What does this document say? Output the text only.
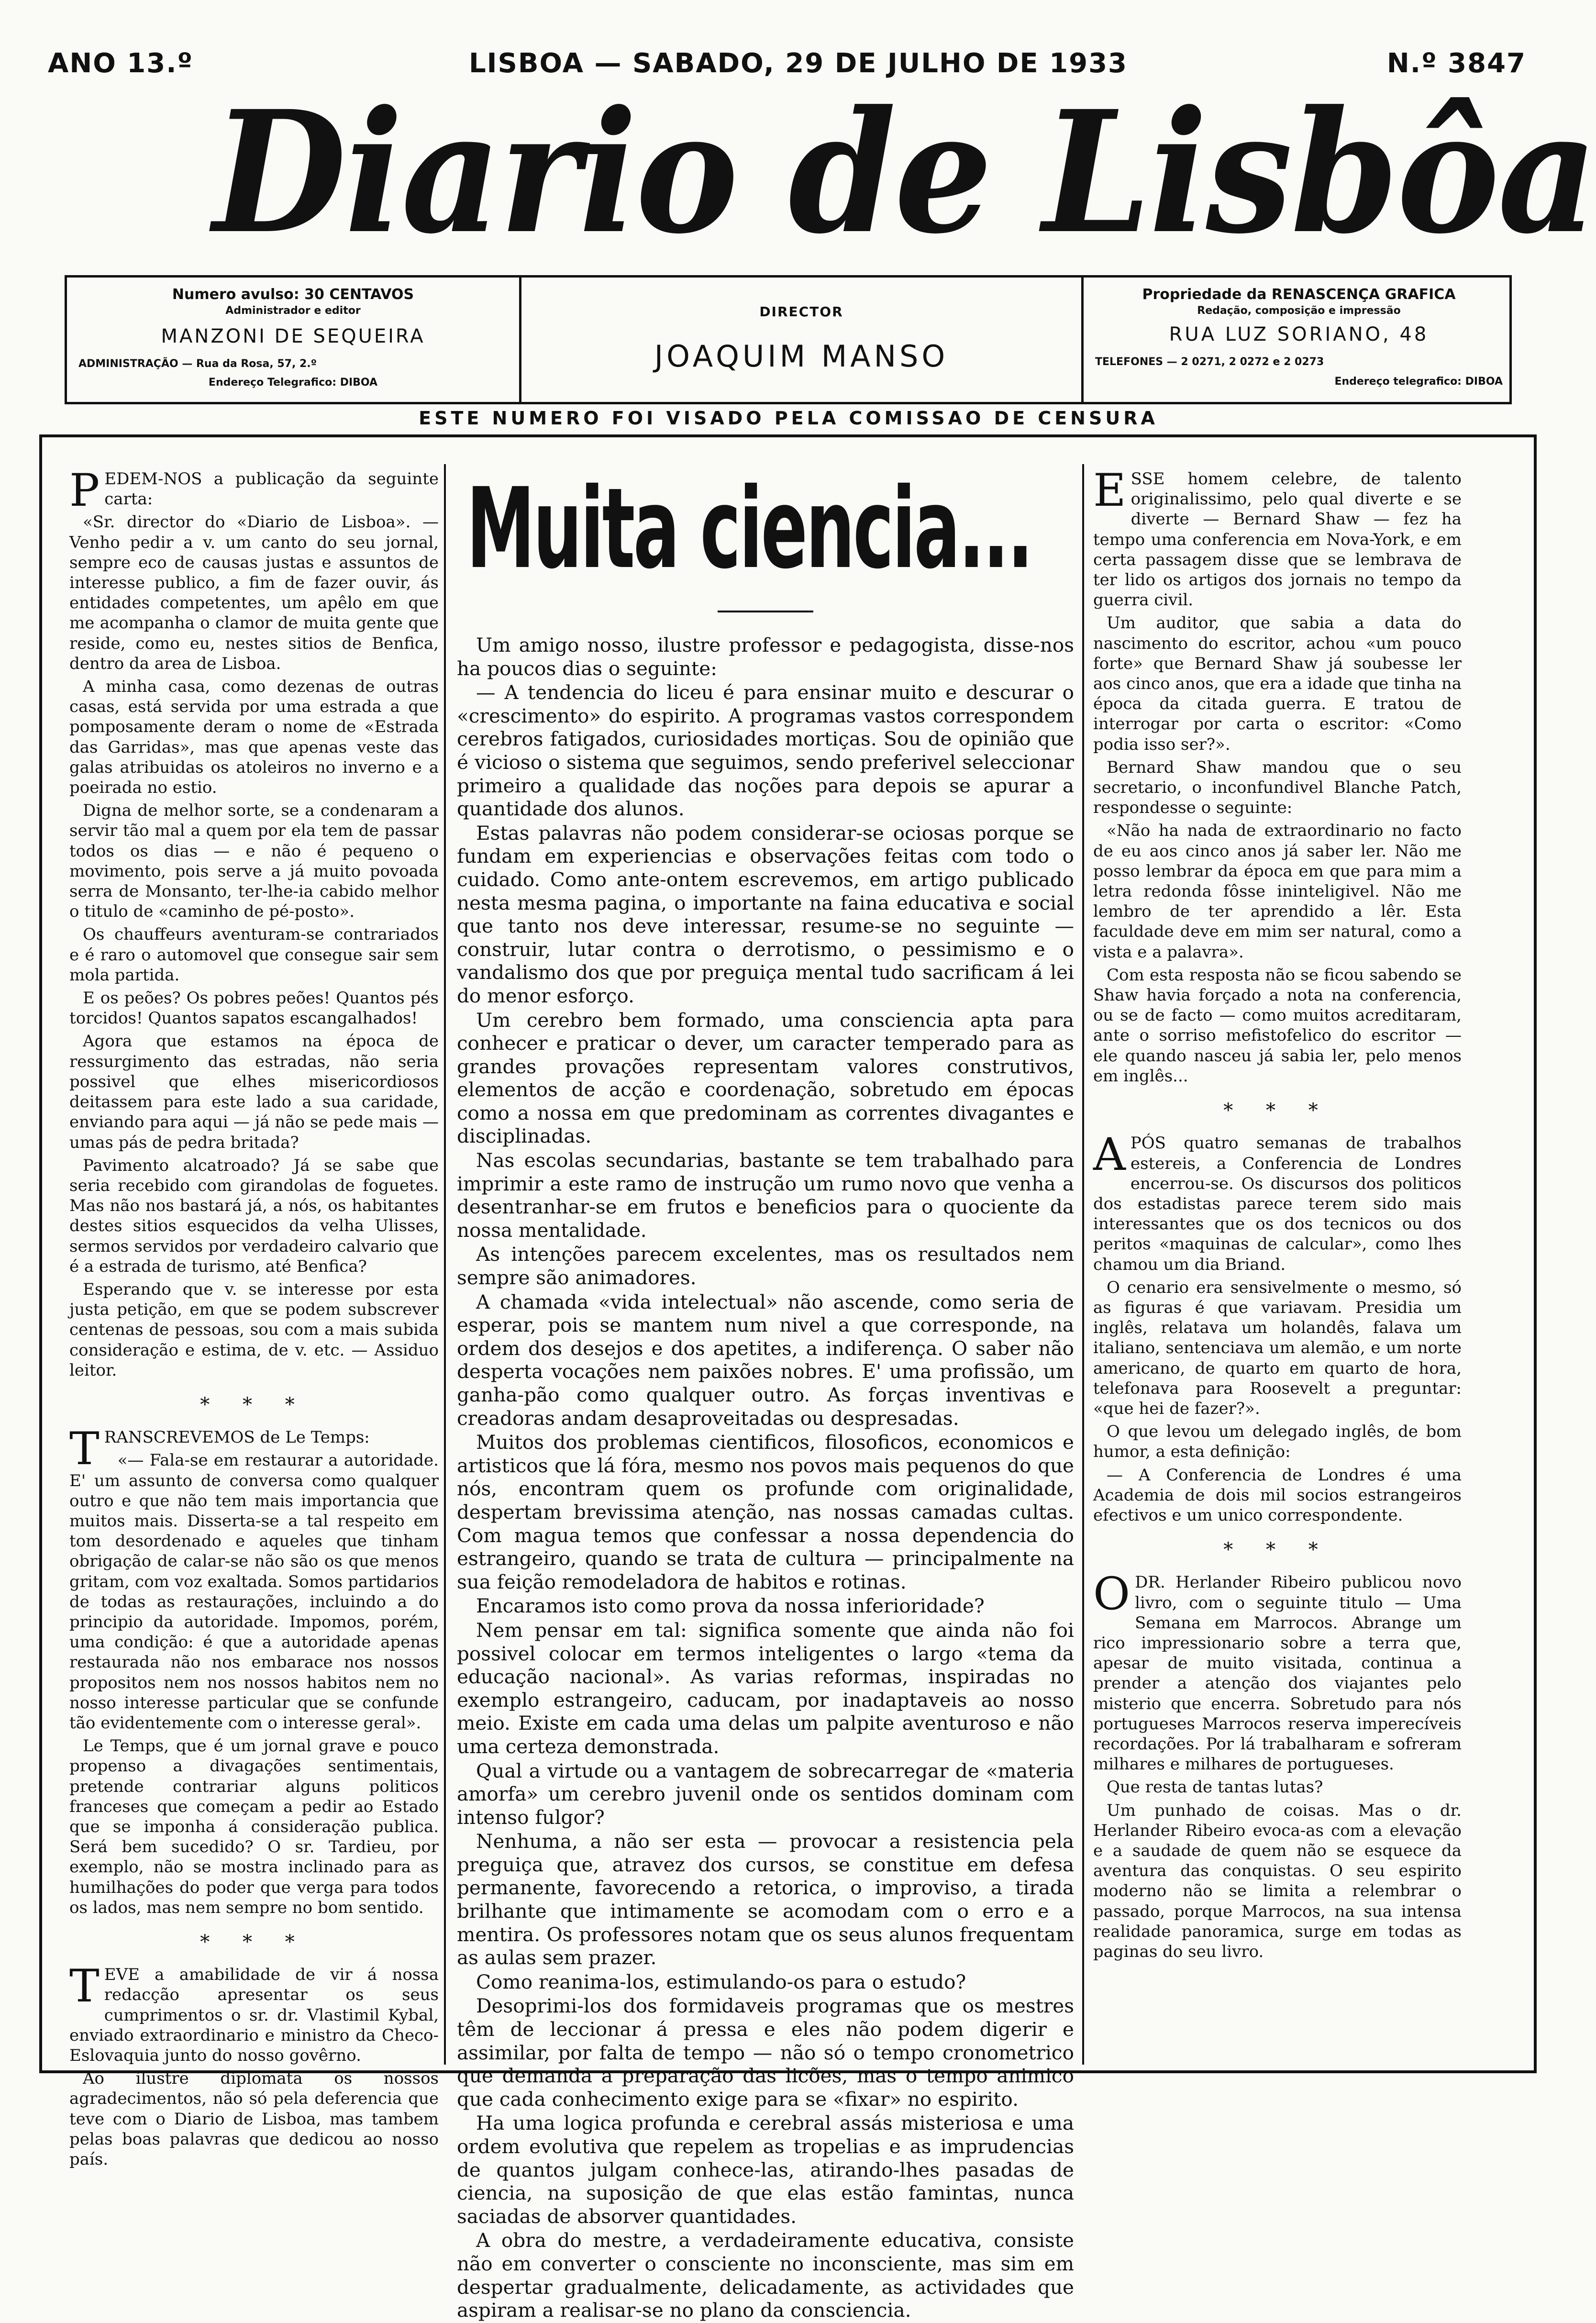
ANO 13.º	LISBOA — SABADO, 29 DE JULHO DE 1933	N.º 3847
Diario de Lisbôa
Numero avulso: 30 CENTAVOS
Administrador e editor
MANZONI DE SEQUEIRA
ADMINISTRAÇÃO — Rua da Rosa, 57, 2.º
Endereço Telegrafico: DIBOA
DIRECTOR
JOAQUIM MANSO
Propriedade da RENASCENÇA GRAFICA
Redação, composição e impressão
RUA LUZ SORIANO, 48
TELEFONES — 2 0271, 2 0272 e 2 0273
Endereço telegrafico: DIBOA
ESTE NUMERO FOI VISADO PELA COMISSAO DE CENSURA

PEDEM-NOS a publicação da seguinte carta:

«Sr. director do «Diario de Lisboa». — Venho pedir a v. um canto do seu jornal, sempre eco de causas justas e assuntos de interesse publico, a fim de fazer ouvir, ás entidades competentes, um apêlo em que me acompanha o clamor de muita gente que reside, como eu, nestes sitios de Benfica, dentro da area de Lisboa.

A minha casa, como dezenas de outras casas, está servida por uma estrada a que pomposamente deram o nome de «Estrada das Garridas», mas que apenas veste das galas atribuidas os atoleiros no inverno e a poeirada no estio.

Digna de melhor sorte, se a condenaram a servir tão mal a quem por ela tem de passar todos os dias — e não é pequeno o movimento, pois serve a já muito povoada serra de Monsanto, ter-lhe-ia cabido melhor o titulo de «caminho de pé-posto».

Os chauffeurs aventuram-se contrariados e é raro o automovel que consegue sair sem mola partida.

E os peões? Os pobres peões! Quantos pés torcidos! Quantos sapatos escangalhados!

Agora que estamos na época de ressurgimento das estradas, não seria possivel que elhes misericordiosos deitassem para este lado a sua caridade, enviando para aqui — já não se pede mais — umas pás de pedra britada?

Pavimento alcatroado? Já se sabe que seria recebido com girandolas de foguetes. Mas não nos bastará já, a nós, os habitantes destes sitios esquecidos da velha Ulisses, sermos servidos por verdadeiro calvario que é a estrada de turismo, até Benfica?

Esperando que v. se interesse por esta justa petição, em que se podem subscrever centenas de pessoas, sou com a mais subida consideração e estima, de v. etc. — Assiduo leitor.

* * *

TRANSCREVEMOS de Le Temps:

«— Fala-se em restaurar a autoridade. E' um assunto de conversa como qualquer outro e que não tem mais importancia que muitos mais. Disserta-se a tal respeito em tom desordenado e aqueles que tinham obrigação de calar-se não são os que menos gritam, com voz exaltada. Somos partidarios de todas as restaurações, incluindo a do principio da autoridade. Impomos, porém, uma condição: é que a autoridade apenas restaurada não nos embarace nos nossos propositos nem nos nossos habitos nem no nosso interesse particular que se confunde tão evidentemente com o interesse geral».

Le Temps, que é um jornal grave e pouco propenso a divagações sentimentais, pretende contrariar alguns politicos franceses que começam a pedir ao Estado que se imponha á consideração publica. Será bem sucedido? O sr. Tardieu, por exemplo, não se mostra inclinado para as humilhações do poder que verga para todos os lados, mas nem sempre no bom sentido.

* * *

TEVE a amabilidade de vir á nossa redacção apresentar os seus cumprimentos o sr. dr. Vlastimil Kybal, enviado extraordinario e ministro da Checo-Eslovaquia junto do nosso govêrno.

Ao ilustre diplomata os nossos agradecimentos, não só pela deferencia que teve com o Diario de Lisboa, mas tambem pelas boas palavras que dedicou ao nosso país.

Muita ciencia...

Um amigo nosso, ilustre professor e pedagogista, disse-nos ha poucos dias o seguinte:

— A tendencia do liceu é para ensinar muito e descurar o «crescimento» do espirito. A programas vastos correspondem cerebros fatigados, curiosidades mortiças. Sou de opinião que é vicioso o sistema que seguimos, sendo preferivel seleccionar primeiro a qualidade das noções para depois se apurar a quantidade dos alunos.

Estas palavras não podem considerar-se ociosas porque se fundam em experiencias e observações feitas com todo o cuidado. Como ante-ontem escrevemos, em artigo publicado nesta mesma pagina, o importante na faina educativa e social que tanto nos deve interessar, resume-se no seguinte — construir, lutar contra o derrotismo, o pessimismo e o vandalismo dos que por preguiça mental tudo sacrificam á lei do menor esforço.

Um cerebro bem formado, uma consciencia apta para conhecer e praticar o dever, um caracter temperado para as grandes provações representam valores construtivos, elementos de acção e coordenação, sobretudo em épocas como a nossa em que predominam as correntes divagantes e disciplinadas.

Nas escolas secundarias, bastante se tem trabalhado para imprimir a este ramo de instrução um rumo novo que venha a desentranhar-se em frutos e beneficios para o quociente da nossa mentalidade.

As intenções parecem excelentes, mas os resultados nem sempre são animadores.

A chamada «vida intelectual» não ascende, como seria de esperar, pois se mantem num nivel a que corresponde, na ordem dos desejos e dos apetites, a indiferença. O saber não desperta vocações nem paixões nobres. E' uma profissão, um ganha-pão como qualquer outro. As forças inventivas e creadoras andam desaproveitadas ou despresadas.

Muitos dos problemas cientificos, filosoficos, economicos e artisticos que lá fóra, mesmo nos povos mais pequenos do que nós, encontram quem os profunde com originalidade, despertam brevissima atenção, nas nossas camadas cultas. Com magua temos que confessar a nossa dependencia do estrangeiro, quando se trata de cultura — principalmente na sua feição remodeladora de habitos e rotinas.

Encaramos isto como prova da nossa inferioridade?

Nem pensar em tal: significa somente que ainda não foi possivel colocar em termos inteligentes o largo «tema da educação nacional». As varias reformas, inspiradas no exemplo estrangeiro, caducam, por inadaptaveis ao nosso meio. Existe em cada uma delas um palpite aventuroso e não uma certeza demonstrada.

Qual a virtude ou a vantagem de sobrecarregar de «materia amorfa» um cerebro juvenil onde os sentidos dominam com intenso fulgor?

Nenhuma, a não ser esta — provocar a resistencia pela preguiça que, atravez dos cursos, se constitue em defesa permanente, favorecendo a retorica, o improviso, a tirada brilhante que intimamente se acomodam com o erro e a mentira. Os professores notam que os seus alunos frequentam as aulas sem prazer.

Como reanima-los, estimulando-os para o estudo?

Desoprimi-los dos formidaveis programas que os mestres têm de leccionar á pressa e eles não podem digerir e assimilar, por falta de tempo — não só o tempo cronometrico que demanda a preparação das licões, mas o tempo animico que cada conhecimento exige para se «fixar» no espirito.

Ha uma logica profunda e cerebral assás misteriosa e uma ordem evolutiva que repelem as tropelias e as imprudencias de quantos julgam conhece-las, atirando-lhes pasadas de ciencia, na suposição de que elas estão famintas, nunca saciadas de absorver quantidades.

A obra do mestre, a verdadeiramente educativa, consiste não em converter o consciente no inconsciente, mas sim em despertar gradualmente, delicadamente, as actividades que aspiram a realisar-se no plano da consciencia.

ESSE homem celebre, de talento originalissimo, pelo qual diverte e se diverte — Bernard Shaw — fez ha tempo uma conferencia em Nova-York, e em certa passagem disse que se lembrava de ter lido os artigos dos jornais no tempo da guerra civil.

Um auditor, que sabia a data do nascimento do escritor, achou «um pouco forte» que Bernard Shaw já soubesse ler aos cinco anos, que era a idade que tinha na época da citada guerra. E tratou de interrogar por carta o escritor: «Como podia isso ser?».

Bernard Shaw mandou que o seu secretario, o inconfundivel Blanche Patch, respondesse o seguinte:

«Não ha nada de extraordinario no facto de eu aos cinco anos já saber ler. Não me posso lembrar da época em que para mim a letra redonda fôsse ininteligivel. Não me lembro de ter aprendido a lêr. Esta faculdade deve em mim ser natural, como a vista e a palavra».

Com esta resposta não se ficou sabendo se Shaw havia forçado a nota na conferencia, ou se de facto — como muitos acreditaram, ante o sorriso mefistofelico do escritor — ele quando nasceu já sabia ler, pelo menos em inglês...

* * *

APÓS quatro semanas de trabalhos estereis, a Conferencia de Londres encerrou-se. Os discursos dos politicos dos estadistas parece terem sido mais interessantes que os dos tecnicos ou dos peritos «maquinas de calcular», como lhes chamou um dia Briand.

O cenario era sensivelmente o mesmo, só as figuras é que variavam. Presidia um inglês, relatava um holandês, falava um italiano, sentenciava um alemão, e um norte americano, de quarto em quarto de hora, telefonava para Roosevelt a preguntar: «que hei de fazer?».

O que levou um delegado inglês, de bom humor, a esta definição:

— A Conferencia de Londres é uma Academia de dois mil socios estrangeiros efectivos e um unico correspondente.

* * *

ODR. Herlander Ribeiro publicou novo livro, com o seguinte titulo — Uma Semana em Marrocos. Abrange um rico impressionario sobre a terra que, apesar de muito visitada, continua a prender a atenção dos viajantes pelo misterio que encerra. Sobretudo para nós portugueses Marrocos reserva imperecíveis recordações. Por lá trabalharam e sofreram milhares e milhares de portugueses.

Que resta de tantas lutas?

Um punhado de coisas. Mas o dr. Herlander Ribeiro evoca-as com a elevação e a saudade de quem não se esquece da aventura das conquistas. O seu espirito moderno não se limita a relembrar o passado, porque Marrocos, na sua intensa realidade panoramica, surge em todas as paginas do seu livro.
